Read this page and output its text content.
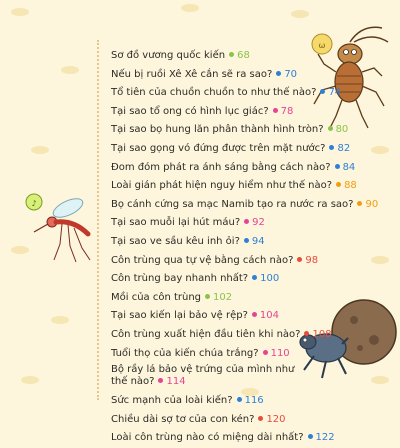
ω
♪
Sơ đồ vương quốc kiến 68
Nếu bị ruồi Xê Xê cắn sẽ ra sao? 70
Tổ tiên của chuồn chuồn to như thế nào? 74
Tại sao tổ ong có hình lục giác? 78
Tại sao bọ hung lăn phân thành hình tròn? 80
Tại sao gọng vó đứng được trên mặt nước? 82
Đom đóm phát ra ánh sáng bằng cách nào? 84
Loài gián phát hiện nguy hiểm như thế nào? 88
Bọ cánh cứng sa mạc Namib tạo ra nước ra sao? 90
Tại sao muỗi lại hút máu? 92
Tại sao ve sầu kêu inh ỏi? 94
Côn trùng qua tự vệ bằng cách nào? 98
Côn trùng bay nhanh nhất? 100
Mồi của côn trùng 102
Tại sao kiến lại bảo vệ rệp? 104
Côn trùng xuất hiện đầu tiên khi nào? 108
Tuổi thọ của kiến chúa trắng? 110
Bộ rầy lá bảo vệ trứng của mình như thế nào? 114
Sức mạnh của loài kiến? 116
Chiều dài sợ tơ của con kén? 120
Loài côn trùng nào có miệng dài nhất? 122
